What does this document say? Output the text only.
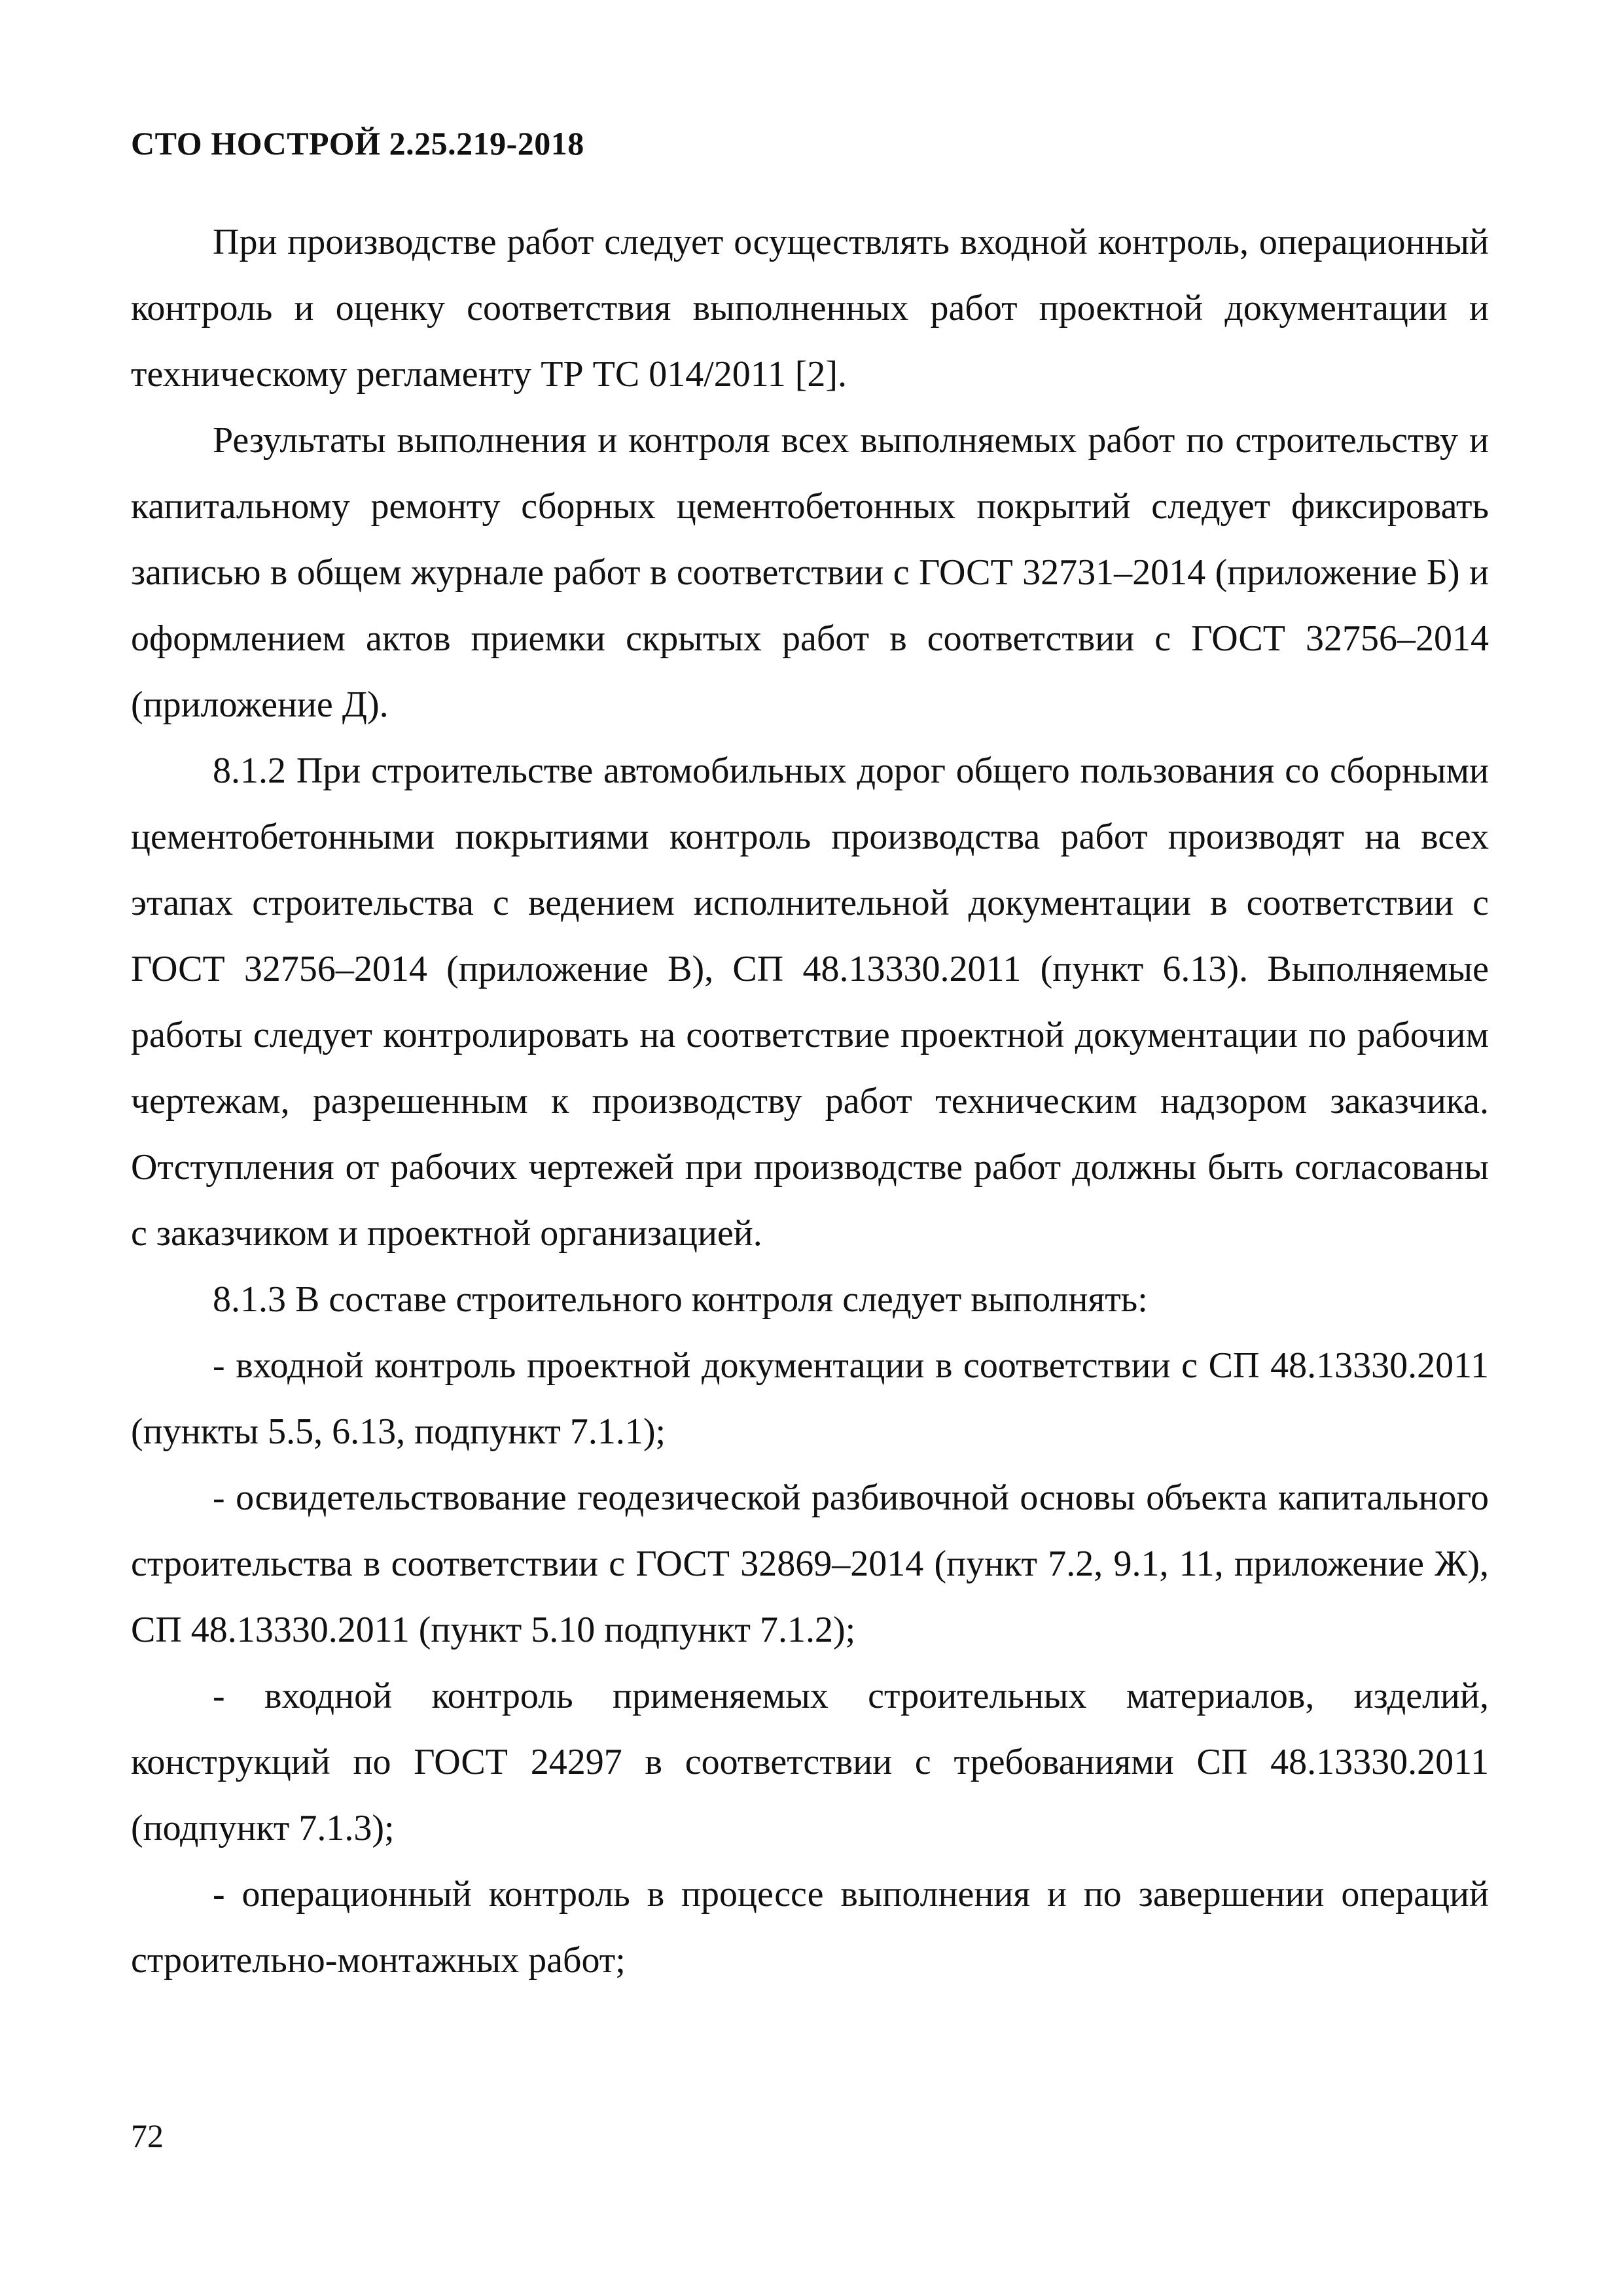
СТО НОСТРОЙ 2.25.219-2018

При производстве работ следует осуществлять входной контроль, операционный контроль и оценку соответствия выполненных работ проектной документации и техническому регламенту ТР ТС 014/2011 [2].

Результаты выполнения и контроля всех выполняемых работ по строительству и капитальному ремонту сборных цементобетонных покрытий следует фиксировать записью в общем журнале работ в соответствии с ГОСТ 32731–2014 (приложение Б) и оформлением актов приемки скрытых работ в соответствии с ГОСТ 32756–2014 (приложение Д).

8.1.2 При строительстве автомобильных дорог общего пользования со сборными цементобетонными покрытиями контроль производства работ производят на всех этапах строительства с ведением исполнительной документации в соответствии с ГОСТ 32756–2014 (приложение В), СП 48.13330.2011 (пункт 6.13). Выполняемые работы следует контролировать на соответствие проектной документации по рабочим чертежам, разрешенным к производству работ техническим надзором заказчика. Отступления от рабочих чертежей при производстве работ должны быть согласованы с заказчиком и проектной организацией.

8.1.3 В составе строительного контроля следует выполнять:

- входной контроль проектной документации в соответствии с СП 48.13330.2011 (пункты 5.5, 6.13, подпункт 7.1.1);

- освидетельствование геодезической разбивочной основы объекта капитального строительства в соответствии с ГОСТ 32869–2014 (пункт 7.2, 9.1, 11, приложение Ж), СП 48.13330.2011 (пункт 5.10 подпункт 7.1.2);

- входной контроль применяемых строительных материалов, изделий, конструкций по ГОСТ 24297 в соответствии с требованиями СП 48.13330.2011 (подпункт 7.1.3);

- операционный контроль в процессе выполнения и по завершении операций строительно-монтажных работ;

72
